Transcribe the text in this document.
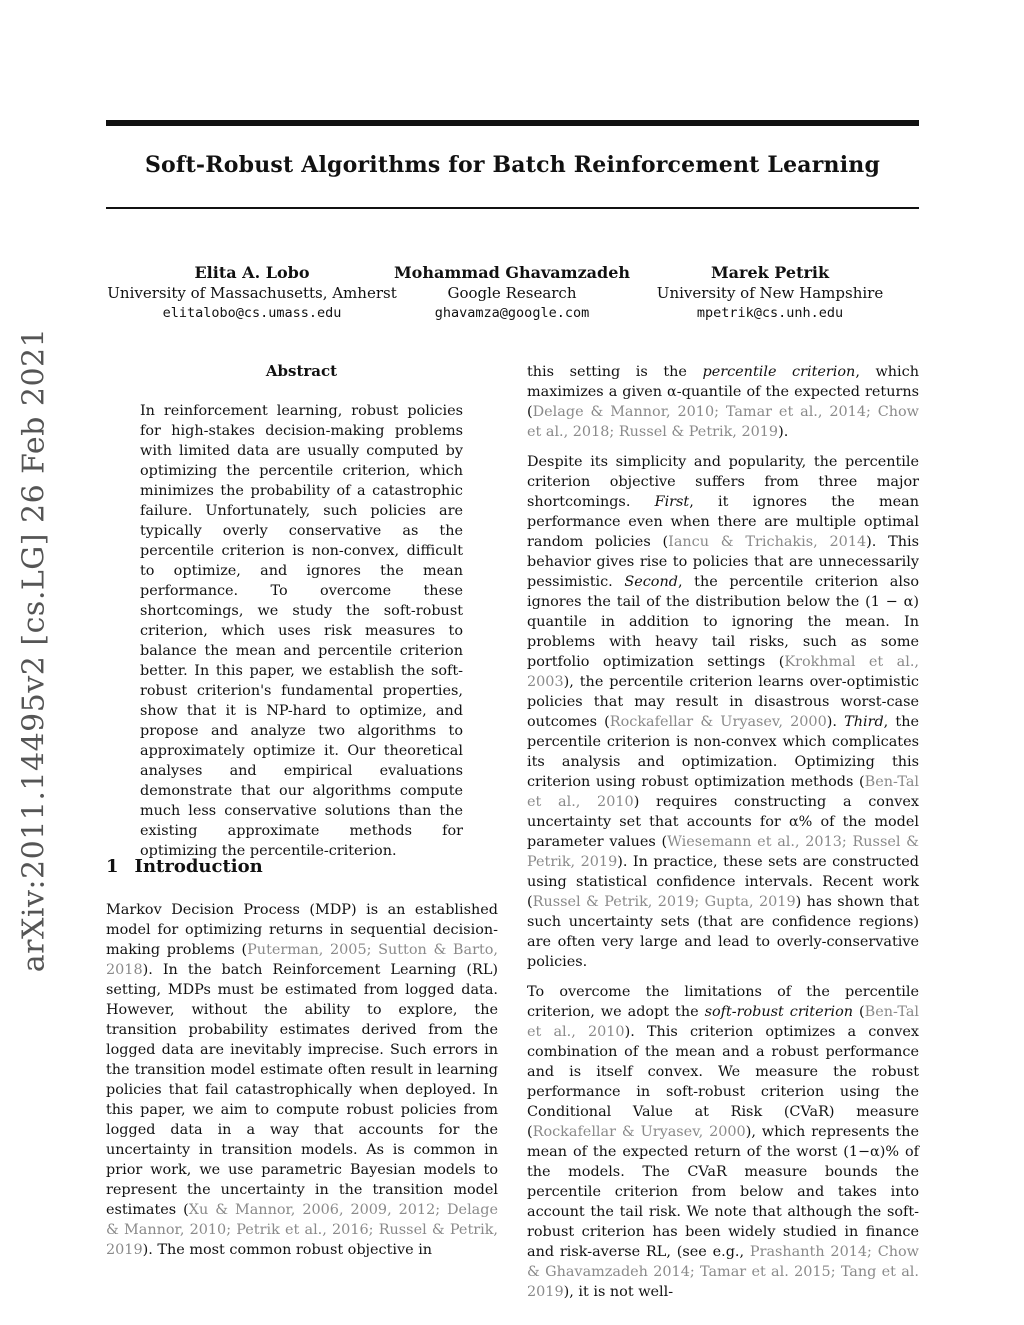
Soft-Robust Algorithms for Batch Reinforcement Learning
Elita A. Lobo
University of Massachusetts, Amherst
elitalobo@cs.umass.edu
Mohammad Ghavamzadeh
Google Research
ghavamza@google.com
Marek Petrik
University of New Hampshire
mpetrik@cs.unh.edu
arXiv:2011.14495v2 [cs.LG] 26 Feb 2021	Abstract

In reinforcement learning, robust policies for high-stakes decision-making problems with limited data are usually computed by optimizing the percentile criterion, which minimizes the probability of a catastrophic failure. Unfortunately, such policies are typically overly conservative as the percentile criterion is non-convex, difficult to optimize, and ignores the mean performance. To overcome these shortcomings, we study the soft-robust criterion, which uses risk measures to balance the mean and percentile criterion better. In this paper, we establish the soft-robust criterion's fundamental properties, show that it is NP-hard to optimize, and propose and analyze two algorithms to approximately optimize it. Our theoretical analyses and empirical evaluations demonstrate that our algorithms compute much less conservative solutions than the existing approximate methods for optimizing the percentile-criterion.

1 Introduction

Markov Decision Process (MDP) is an established model for optimizing returns in sequential decision-making problems (Puterman, 2005; Sutton & Barto, 2018). In the batch Reinforcement Learning (RL) setting, MDPs must be estimated from logged data. However, without the ability to explore, the transition probability estimates derived from the logged data are inevitably imprecise. Such errors in the transition model estimate often result in learning policies that fail catastrophically when deployed. In this paper, we aim to compute robust policies from logged data in a way that accounts for the uncertainty in transition models. As is common in prior work, we use parametric Bayesian models to represent the uncertainty in the transition model estimates (Xu & Mannor, 2006, 2009, 2012; Delage & Mannor, 2010; Petrik et al., 2016; Russel & Petrik, 2019). The most common robust objective in

this setting is the percentile criterion, which maximizes a given α-quantile of the expected returns (Delage & Mannor, 2010; Tamar et al., 2014; Chow et al., 2018; Russel & Petrik, 2019).

Despite its simplicity and popularity, the percentile criterion objective suffers from three major shortcomings. First, it ignores the mean performance even when there are multiple optimal random policies (Iancu & Trichakis, 2014). This behavior gives rise to policies that are unnecessarily pessimistic. Second, the percentile criterion also ignores the tail of the distribution below the (1 − α) quantile in addition to ignoring the mean. In problems with heavy tail risks, such as some portfolio optimization settings (Krokhmal et al., 2003), the percentile criterion learns over-optimistic policies that may result in disastrous worst-case outcomes (Rockafellar & Uryasev, 2000). Third, the percentile criterion is non-convex which complicates its analysis and optimization. Optimizing this criterion using robust optimization methods (Ben-Tal et al., 2010) requires constructing a convex uncertainty set that accounts for α% of the model parameter values (Wiesemann et al., 2013; Russel & Petrik, 2019). In practice, these sets are constructed using statistical confidence intervals. Recent work (Russel & Petrik, 2019; Gupta, 2019) has shown that such uncertainty sets (that are confidence regions) are often very large and lead to overly-conservative policies.

To overcome the limitations of the percentile criterion, we adopt the soft-robust criterion (Ben-Tal et al., 2010). This criterion optimizes a convex combination of the mean and a robust performance and is itself convex. We measure the robust performance in soft-robust criterion using the Conditional Value at Risk (CVaR) measure (Rockafellar & Uryasev, 2000), which represents the mean of the expected return of the worst (1−α)% of the models. The CVaR measure bounds the percentile criterion from below and takes into account the tail risk. We note that although the soft-robust criterion has been widely studied in finance and risk-averse RL, (see e.g., Prashanth 2014; Chow & Ghavamzadeh 2014; Tamar et al. 2015; Tang et al. 2019), it is not well-
